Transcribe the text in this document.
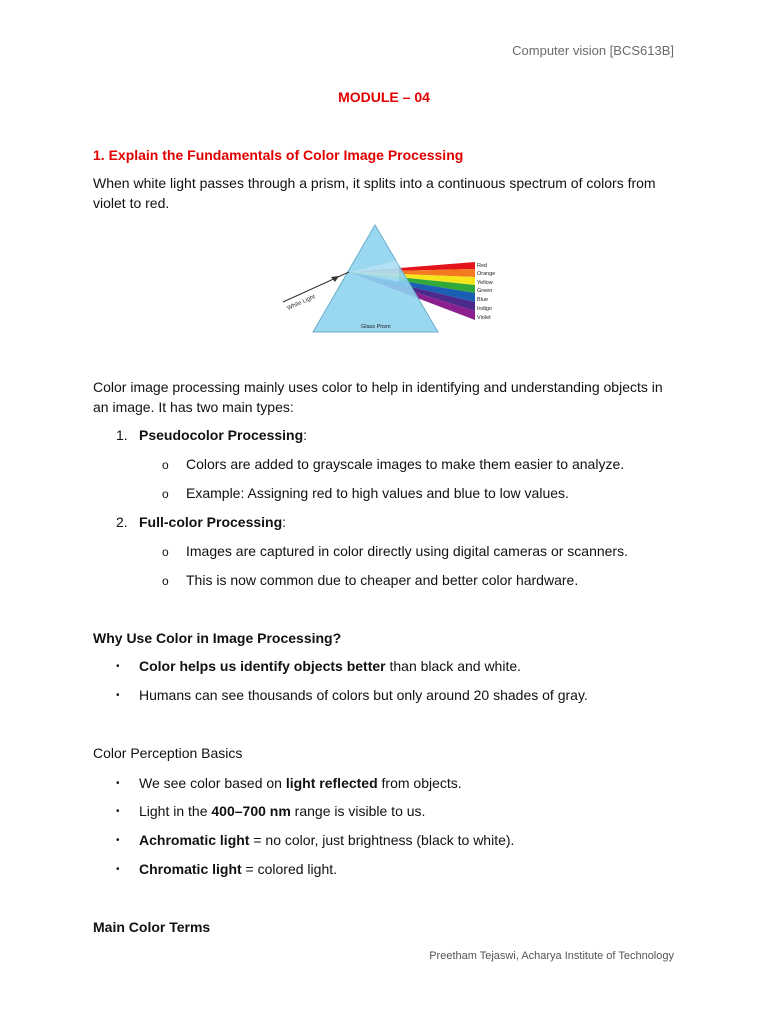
Computer vision [BCS613B]
MODULE – 04
1. Explain the Fundamentals of Color Image Processing
When white light passes through a prism, it splits into a continuous spectrum of colors from violet to red.
White Light
Glass Prism
Red
Orange
Yellow
Green
Blue
Indigo
Violet
Color image processing mainly uses color to help in identifying and understanding objects in an image. It has two main types:
1. Pseudocolor Processing:
o Colors are added to grayscale images to make them easier to analyze.
o Example: Assigning red to high values and blue to low values.
2. Full-color Processing:
o Images are captured in color directly using digital cameras or scanners.
o This is now common due to cheaper and better color hardware.
Why Use Color in Image Processing?
• Color helps us identify objects better than black and white.
• Humans can see thousands of colors but only around 20 shades of gray.
Color Perception Basics
• We see color based on light reflected from objects.
• Light in the 400–700 nm range is visible to us.
• Achromatic light = no color, just brightness (black to white).
• Chromatic light = colored light.
Main Color Terms
Preetham Tejaswi, Acharya Institute of Technology
